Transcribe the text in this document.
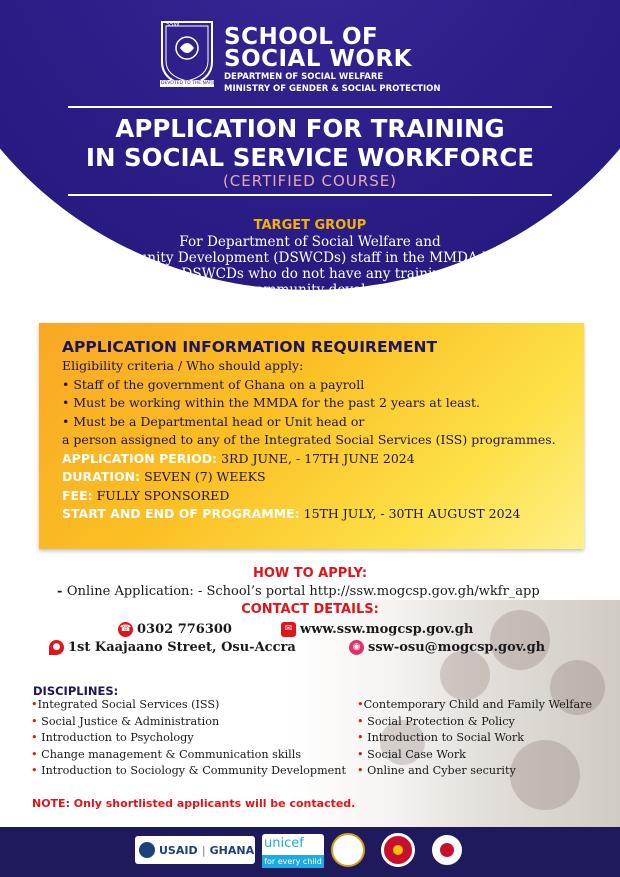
SSW
DEVOTED TO THE NATION
SCHOOL OF
SOCIAL WORK
DEPARTMEN OF SOCIAL WELFARE
MINISTRY OF GENDER & SOCIAL PROTECTION
APPLICATION FOR TRAINING
IN SOCIAL SERVICE WORKFORCE
(CERTIFIED COURSE)
TARGET GROUP
For Department of Social Welfare and
Community Development (DSWCDs) staff in the MMDA levels,
especially DSWCDs who do not have any training in social
work as well as community development practice.
APPLICATION INFORMATION REQUIREMENT
Eligibility criteria / Who should apply:
• Staff of the government of Ghana on a payroll
• Must be working within the MMDA for the past 2 years at least.
• Must be a Departmental head or Unit head or
a person assigned to any of the Integrated Social Services (ISS) programmes.
APPLICATION PERIOD: 3RD JUNE, - 17TH JUNE 2024
DURATION: SEVEN (7) WEEKS
FEE: FULLY SPONSORED
START AND END OF PROGRAMME: 15TH JULY, - 30TH AUGUST 2024
HOW TO APPLY:
- Online Application: - School’s portal http://ssw.mogcsp.gov.gh/wkfr_app
CONTACT DETAILS:
☎ 0302 776300	✉ www.ssw.mogcsp.gov.gh
● 1st Kaajaano Street, Osu-Accra	◉ ssw-osu@mogcsp.gov.gh
DISCIPLINES:
•Integrated Social Services (ISS)
• Social Justice & Administration
• Introduction to Psychology
• Change management & Communication skills
• Introduction to Sociology & Community Development
•Contemporary Child and Family Welfare
• Social Protection & Policy
• Introduction to Social Work
• Social Case Work
• Online and Cyber security
NOTE: Only shortlisted applicants will be contacted.
USAID | GHANA unicef
for every child
